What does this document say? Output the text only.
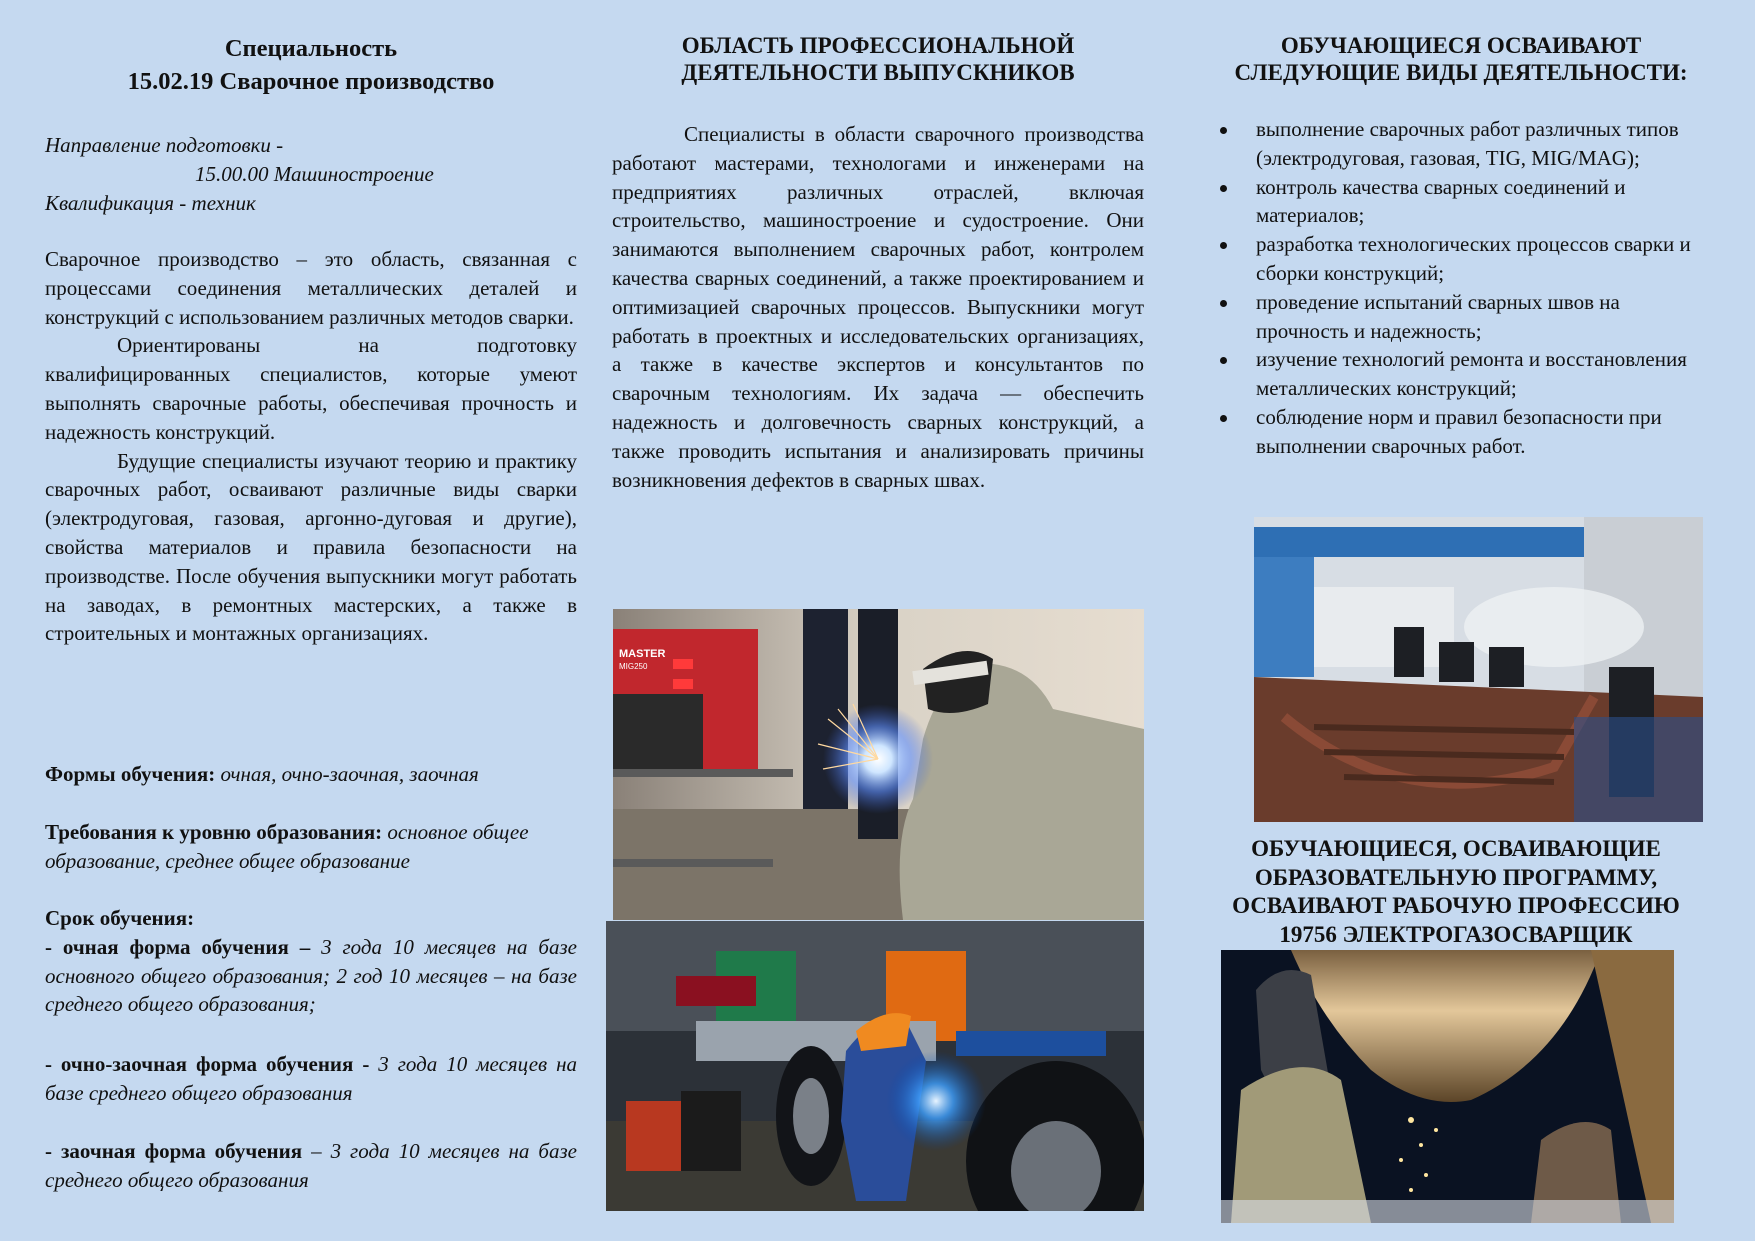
Специальность
15.02.19 Сварочное производство
Направление подготовки -
15.00.00 Машиностроение
Квалификация - техник

Сварочное производство – это область, связанная с процессами соединения металлических деталей и конструкций с использованием различных методов сварки.

Ориентированы на подготовку квалифицированных специалистов, которые умеют выполнять сварочные работы, обеспечивая прочность и надежность конструкций.

Будущие специалисты изучают теорию и практику сварочных работ, осваивают различные виды сварки (электродуговая, газовая, аргонно-дуговая и другие), свойства материалов и правила безопасности на производстве. После обучения выпускники могут работать на заводах, в ремонтных мастерских, а также в строительных и монтажных организациях.

Формы обучения: очная, очно-заочная, заочная
Требования к уровню образования: основное общее образование, среднее общее образование
Срок обучения:
- очная форма обучения – 3 года 10 месяцев на базе основного общего образования; 2 год 10 месяцев – на базе среднего общего образования;
- очно-заочная форма обучения - 3 года 10 месяцев на базе среднего общего образования
- заочная форма обучения – 3 года 10 месяцев на базе среднего общего образования
ОБЛАСТЬ ПРОФЕССИОНАЛЬНОЙ
ДЕЯТЕЛЬНОСТИ ВЫПУСКНИКОВ

Специалисты в области сварочного производства работают мастерами, технологами и инженерами на предприятиях различных отраслей, включая строительство, машиностроение и судостроение. Они занимаются выполнением сварочных работ, контролем качества сварных соединений, а также проектированием и оптимизацией сварочных процессов. Выпускники могут работать в проектных и исследовательских организациях, а также в качестве экспертов и консультантов по сварочным технологиям. Их задача — обеспечить надежность и долговечность сварных конструкций, а также проводить испытания и анализировать причины возникновения дефектов в сварных швах.

MASTER
MIG250
ОБУЧАЮЩИЕСЯ ОСВАИВАЮТ
СЛЕДУЮЩИЕ ВИДЫ ДЕЯТЕЛЬНОСТИ:
выполнение сварочных работ различных типов (электродуговая, газовая, TIG, MIG/MAG);
контроль качества сварных соединений и материалов;
разработка технологических процессов сварки и сборки конструкций;
проведение испытаний сварных швов на прочность и надежность;
изучение технологий ремонта и восстановления металлических конструкций;
соблюдение норм и правил безопасности при выполнении сварочных работ.
ОБУЧАЮЩИЕСЯ, ОСВАИВАЮЩИЕ
ОБРАЗОВАТЕЛЬНУЮ ПРОГРАММУ,
ОСВАИВАЮТ РАБОЧУЮ ПРОФЕССИЮ
19756 ЭЛЕКТРОГАЗОСВАРЩИК
